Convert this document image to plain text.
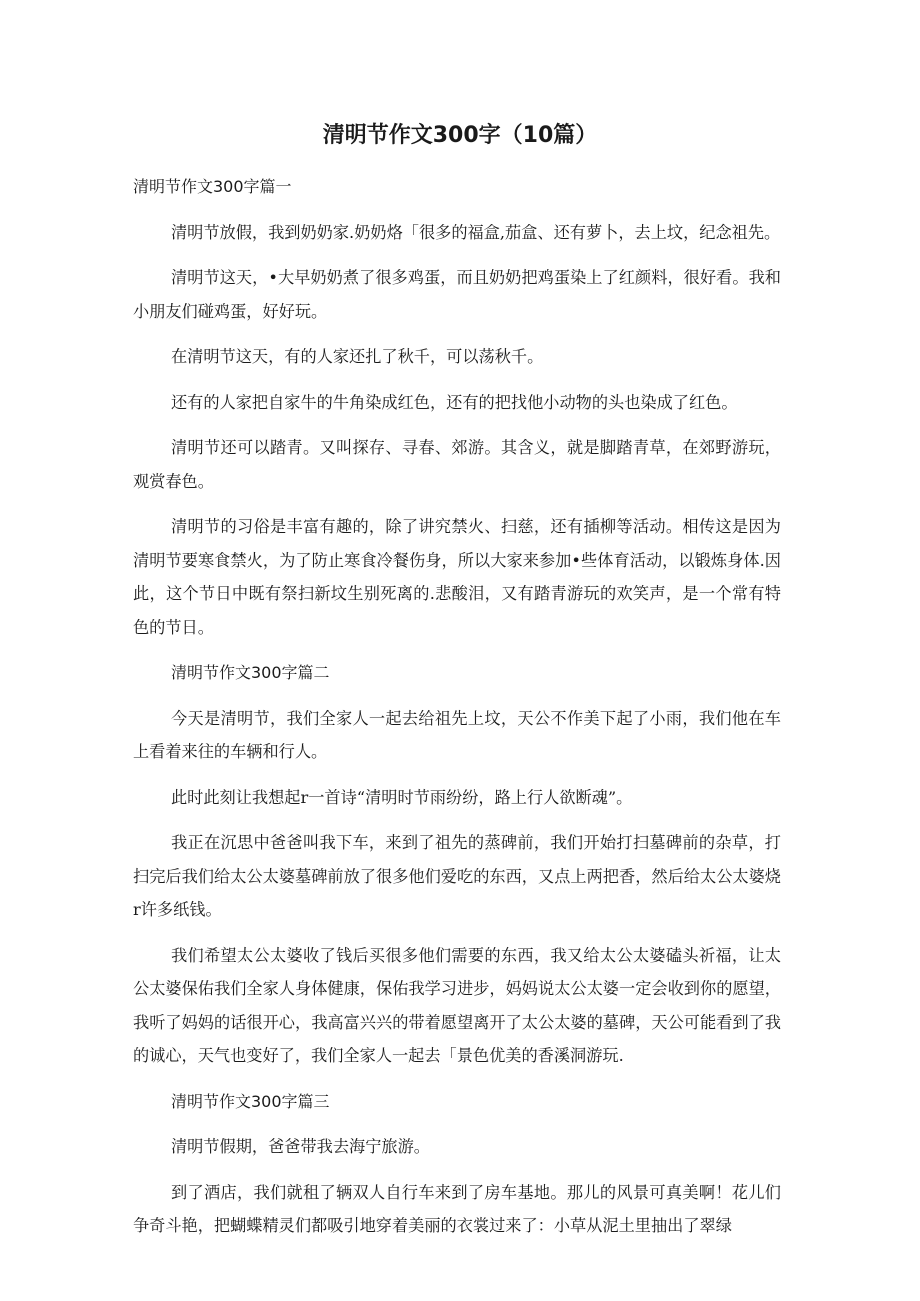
清明节作文300字（10篇）

清明节作文300字篇一

清明节放假，我到奶奶家.奶奶烙「很多的福盒,茄盒、还有萝卜，去上坟，纪念祖先。

清明节这天，•大早奶奶煮了很多鸡蛋，而且奶奶把鸡蛋染上了红颜料，很好看。我和小朋友们碰鸡蛋，好好玩。

在清明节这天，有的人家还扎了秋千，可以荡秋千。

还有的人家把自家牛的牛角染成红色，还有的把找他小动物的头也染成了红色。

清明节还可以踏青。又叫探存、寻春、郊游。其含义，就是脚踏青草，在郊野游玩，观赏春色。

清明节的习俗是丰富有趣的，除了讲究禁火、扫慈，还有插柳等活动。相传这是因为清明节要寒食禁火，为了防止寒食冷餐伤身，所以大家来参加•些体育活动，以锻炼身体.因此，这个节日中既有祭扫新坟生别死离的.悲酸泪，又有踏青游玩的欢笑声，是一个常有特色的节日。

清明节作文300字篇二

今天是清明节，我们全家人一起去给祖先上坟，天公不作美下起了小雨，我们他在车上看着来往的车辆和行人。

此时此刻让我想起r一首诗“清明时节雨纷纷，路上行人欲断魂”。

我正在沉思中爸爸叫我下车，来到了祖先的蒸碑前，我们开始打扫墓碑前的杂草，打扫完后我们给太公太婆墓碑前放了很多他们爱吃的东西，又点上两把香，然后给太公太婆烧r许多纸钱。

我们希望太公太婆收了钱后买很多他们需要的东西，我又给太公太婆磕头祈福，让太公太婆保佑我们全家人身体健康，保佑我学习进步，妈妈说太公太婆一定会收到你的愿望，我听了妈妈的话很开心，我高富兴兴的带着愿望离开了太公太婆的墓碑，天公可能看到了我的诚心，天气也变好了，我们全家人一起去「景色优美的香溪洞游玩.

清明节作文300字篇三

清明节假期，爸爸带我去海宁旅游。

到了酒店，我们就租了辆双人自行车来到了房车基地。那儿的风景可真美啊！花儿们争奇斗艳，把蝴蝶精灵们都吸引地穿着美丽的衣裳过来了：小草从泥土里抽出了翠绿
